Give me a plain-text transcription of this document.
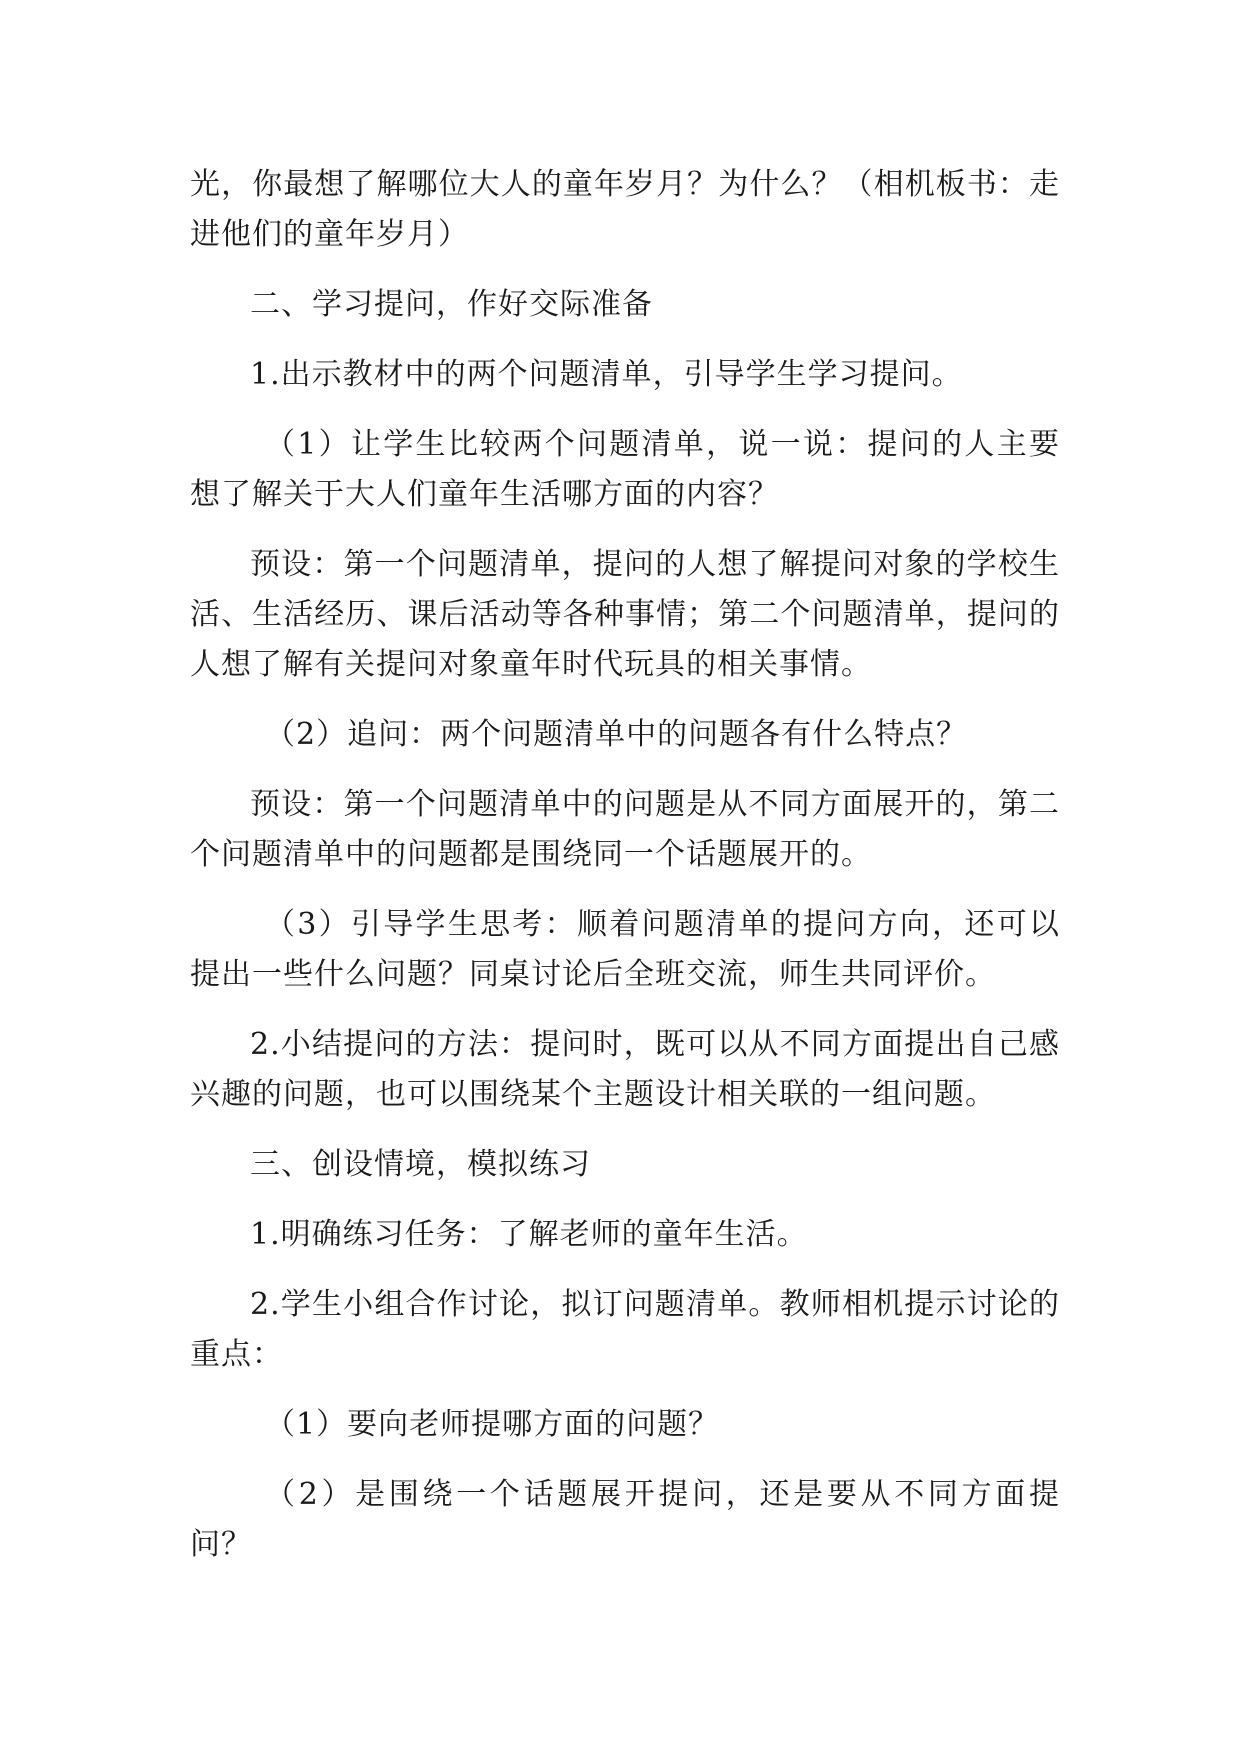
光，你最想了解哪位大人的童年岁月？为什么？（相机板书：走进他们的童年岁月）

二、学习提问，作好交际准备

1.出示教材中的两个问题清单，引导学生学习提问。

（1）让学生比较两个问题清单，说一说：提问的人主要想了解关于大人们童年生活哪方面的内容？

预设：第一个问题清单，提问的人想了解提问对象的学校生活、生活经历、课后活动等各种事情；第二个问题清单，提问的人想了解有关提问对象童年时代玩具的相关事情。

（2）追问：两个问题清单中的问题各有什么特点？

预设：第一个问题清单中的问题是从不同方面展开的，第二个问题清单中的问题都是围绕同一个话题展开的。

（3）引导学生思考：顺着问题清单的提问方向，还可以提出一些什么问题？同桌讨论后全班交流，师生共同评价。

2.小结提问的方法：提问时，既可以从不同方面提出自己感兴趣的问题，也可以围绕某个主题设计相关联的一组问题。

三、创设情境，模拟练习

1.明确练习任务：了解老师的童年生活。

2.学生小组合作讨论，拟订问题清单。教师相机提示讨论的重点：

（1）要向老师提哪方面的问题？

（2）是围绕一个话题展开提问，还是要从不同方面提问？
